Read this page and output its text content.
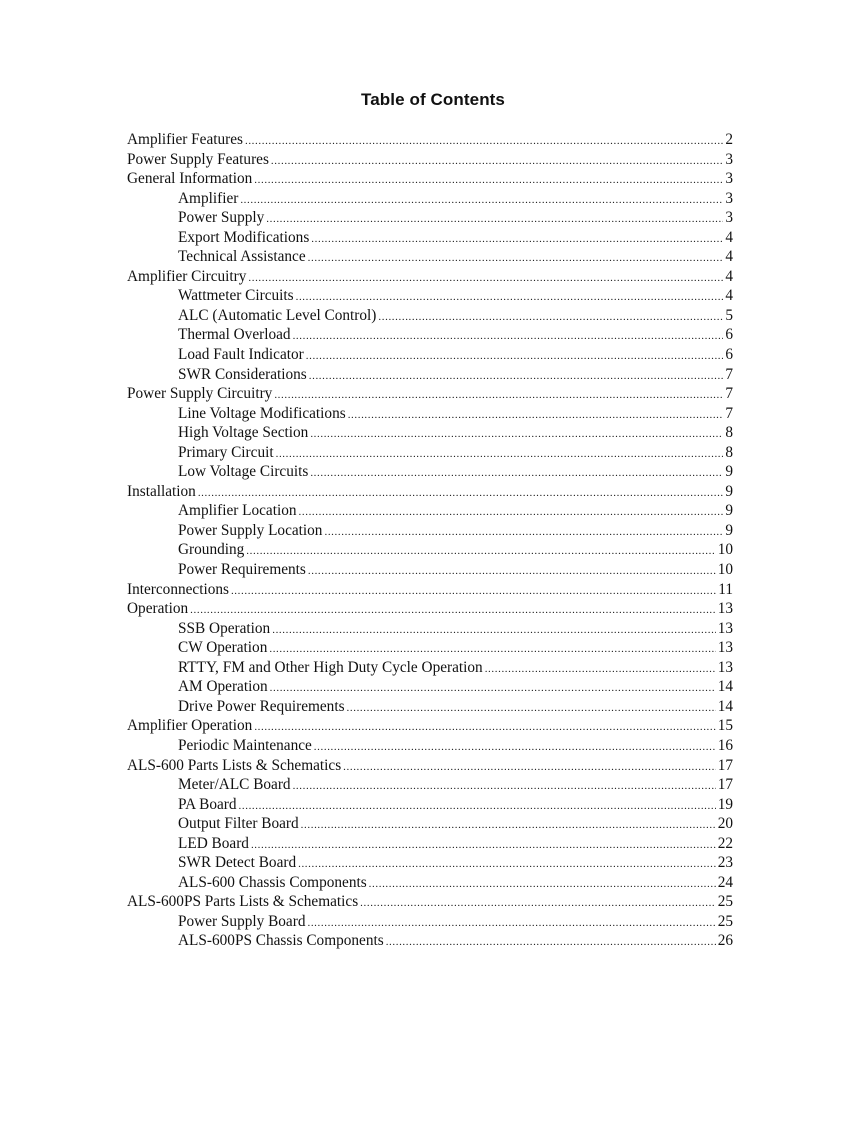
Table of Contents
Amplifier Features .....	2
Power Supply Features .....	3
General Information .....	3
Amplifier .....	3
Power Supply .....	3
Export Modifications .....	4
Technical Assistance .....	4
Amplifier Circuitry .....	4
Wattmeter Circuits .....	4
ALC (Automatic Level Control) .....	5
Thermal Overload .....	6
Load Fault Indicator .....	6
SWR Considerations .....	7
Power Supply Circuitry .....	7
Line Voltage Modifications .....	7
High Voltage Section .....	8
Primary Circuit .....	8
Low Voltage Circuits .....	9
Installation .....	9
Amplifier Location .....	9
Power Supply Location .....	9
Grounding .....	10
Power Requirements .....	10
Interconnections .....	11
Operation .....	13
SSB Operation .....	13
CW Operation .....	13
RTTY, FM and Other High Duty Cycle Operation .....	13
AM Operation .....	14
Drive Power Requirements .....	14
Amplifier Operation .....	15
Periodic Maintenance .....	16
ALS-600 Parts Lists & Schematics .....	17
Meter/ALC Board .....	17
PA Board .....	19
Output Filter Board .....	20
LED Board .....	22
SWR Detect Board .....	23
ALS-600 Chassis Components .....	24
ALS-600PS Parts Lists & Schematics .....	25
Power Supply Board .....	25
ALS-600PS Chassis Components .....	26
